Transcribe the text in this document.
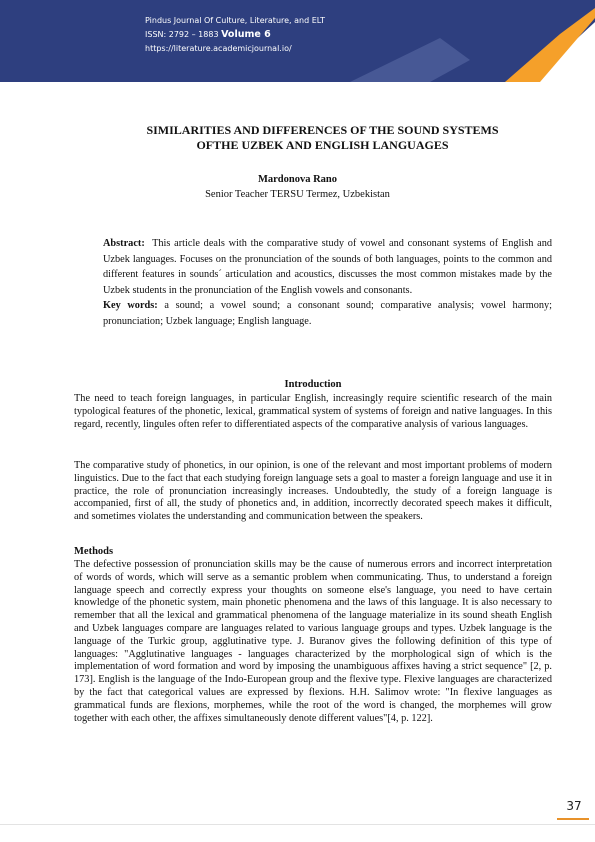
Pindus Journal Of Culture, Literature, and ELT
ISSN: 2792 – 1883 Volume 6
https://literature.academicjournal.io/
SIMILARITIES AND DIFFERENCES OF THE SOUND SYSTEMS
OFTHE UZBEK AND ENGLISH LANGUAGES
Mardonova Rano
Senior Teacher TERSU Termez, Uzbekistan

Abstract: This article deals with the comparative study of vowel and consonant systems of English and Uzbek languages. Focuses on the pronunciation of the sounds of both languages, points to the common and different features in sounds´ articulation and acoustics, discusses the most common mistakes made by the Uzbek students in the pronunciation of the English vowels and consonants.

Key words: a sound; a vowel sound; a consonant sound; comparative analysis; vowel harmony; pronunciation; Uzbek language; English language.

Introduction

The need to teach foreign languages, in particular English, increasingly require scientific research of the main typological features of the phonetic, lexical, grammatical system of systems of foreign and native languages. In this regard, recently, lingules often refer to differentiated aspects of the comparative analysis of various languages.

The comparative study of phonetics, in our opinion, is one of the relevant and most important problems of modern linguistics. Due to the fact that each studying foreign language sets a goal to master a foreign language and use it in practice, the role of pronunciation increasingly increases. Undoubtedly, the study of a foreign language is accompanied, first of all, the study of phonetics and, in addition, incorrectly decorated speech makes it difficult, and sometimes violates the understanding and communication between the speakers.

Methods

The defective possession of pronunciation skills may be the cause of numerous errors and incorrect interpretation of words of words, which will serve as a semantic problem when communicating. Thus, to understand a foreign language speech and correctly express your thoughts on someone else's language, you need to have certain knowledge of the phonetic system, main phonetic phenomena and the laws of this language. It is also necessary to remember that all the lexical and grammatical phenomena of the language materialize in its sound sheath English and Uzbek languages compare are languages related to various language groups and types. Uzbek language is the language of the Turkic group, agglutinative type. J. Buranov gives the following definition of this type of languages: "Agglutinative languages - languages characterized by the morphological sign of which is the implementation of word formation and word by imposing the unambiguous affixes having a strict sequence" [2, p. 173]. English is the language of the Indo-European group and the flexive type. Flexive languages are characterized by the fact that categorical values are expressed by flexions. H.H. Salimov wrote: "In flexive languages as grammatical funds are flexions, morphemes, while the root of the word is changed, the morphemes will grow together with each other, the affixes simultaneously denote different values"[4, p. 122].

37
